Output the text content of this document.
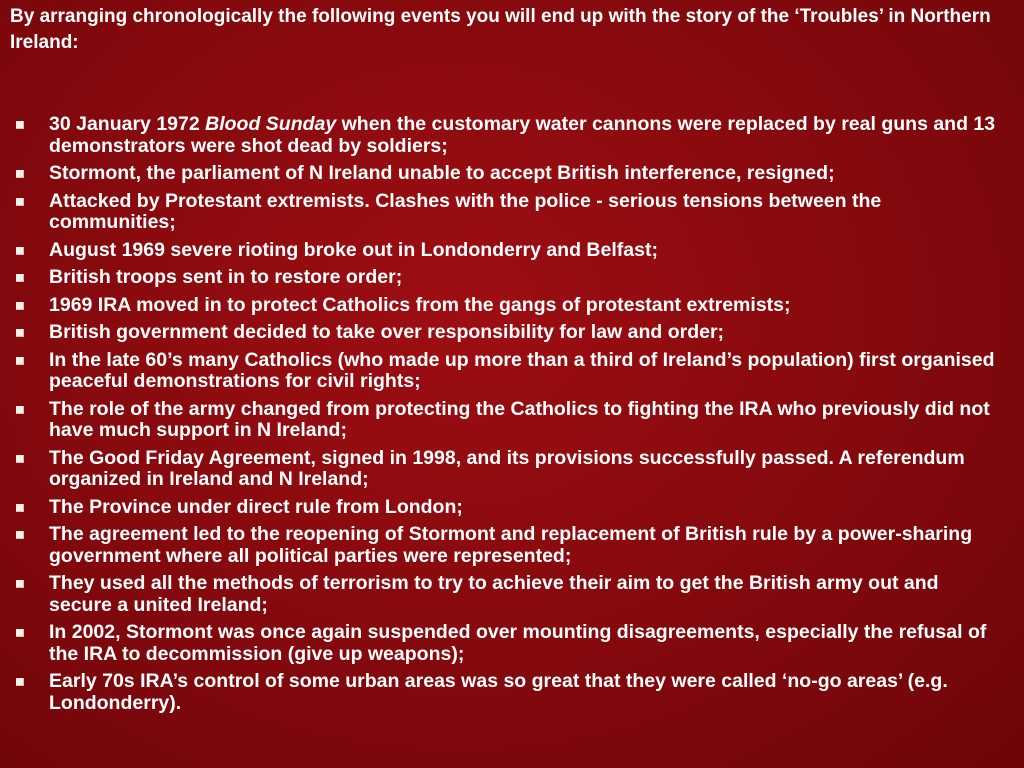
By arranging chronologically the following events you will end up with the story of the ‘Troubles’ in Northern Ireland:

30 January 1972 Blood Sunday when the customary water cannons were replaced by real guns and 13 demonstrators were shot dead by soldiers;
Stormont, the parliament of N Ireland unable to accept British interference, resigned;
Attacked by Protestant extremists. Clashes with the police - serious tensions between the communities;
August 1969 severe rioting broke out in Londonderry and Belfast;
British troops sent in to restore order;
1969 IRA moved in to protect Catholics from the gangs of protestant extremists;
British government decided to take over responsibility for law and order;
In the late 60’s many Catholics (who made up more than a third of Ireland’s population) first organised peaceful demonstrations for civil rights;
The role of the army changed from protecting the Catholics to fighting the IRA who previously did not have much support in N Ireland;
The Good Friday Agreement, signed in 1998, and its provisions successfully passed. A referendum organized in Ireland and N Ireland;
The Province under direct rule from London;
The agreement led to the reopening of Stormont and replacement of British rule by a power-sharing government where all political parties were represented;
They used all the methods of terrorism to try to achieve their aim to get the British army out and secure a united Ireland;
In 2002, Stormont was once again suspended over mounting disagreements, especially the refusal of the IRA to decommission (give up weapons);
Early 70s IRA’s control of some urban areas was so great that they were called ‘no-go areas’ (e.g. Londonderry).
